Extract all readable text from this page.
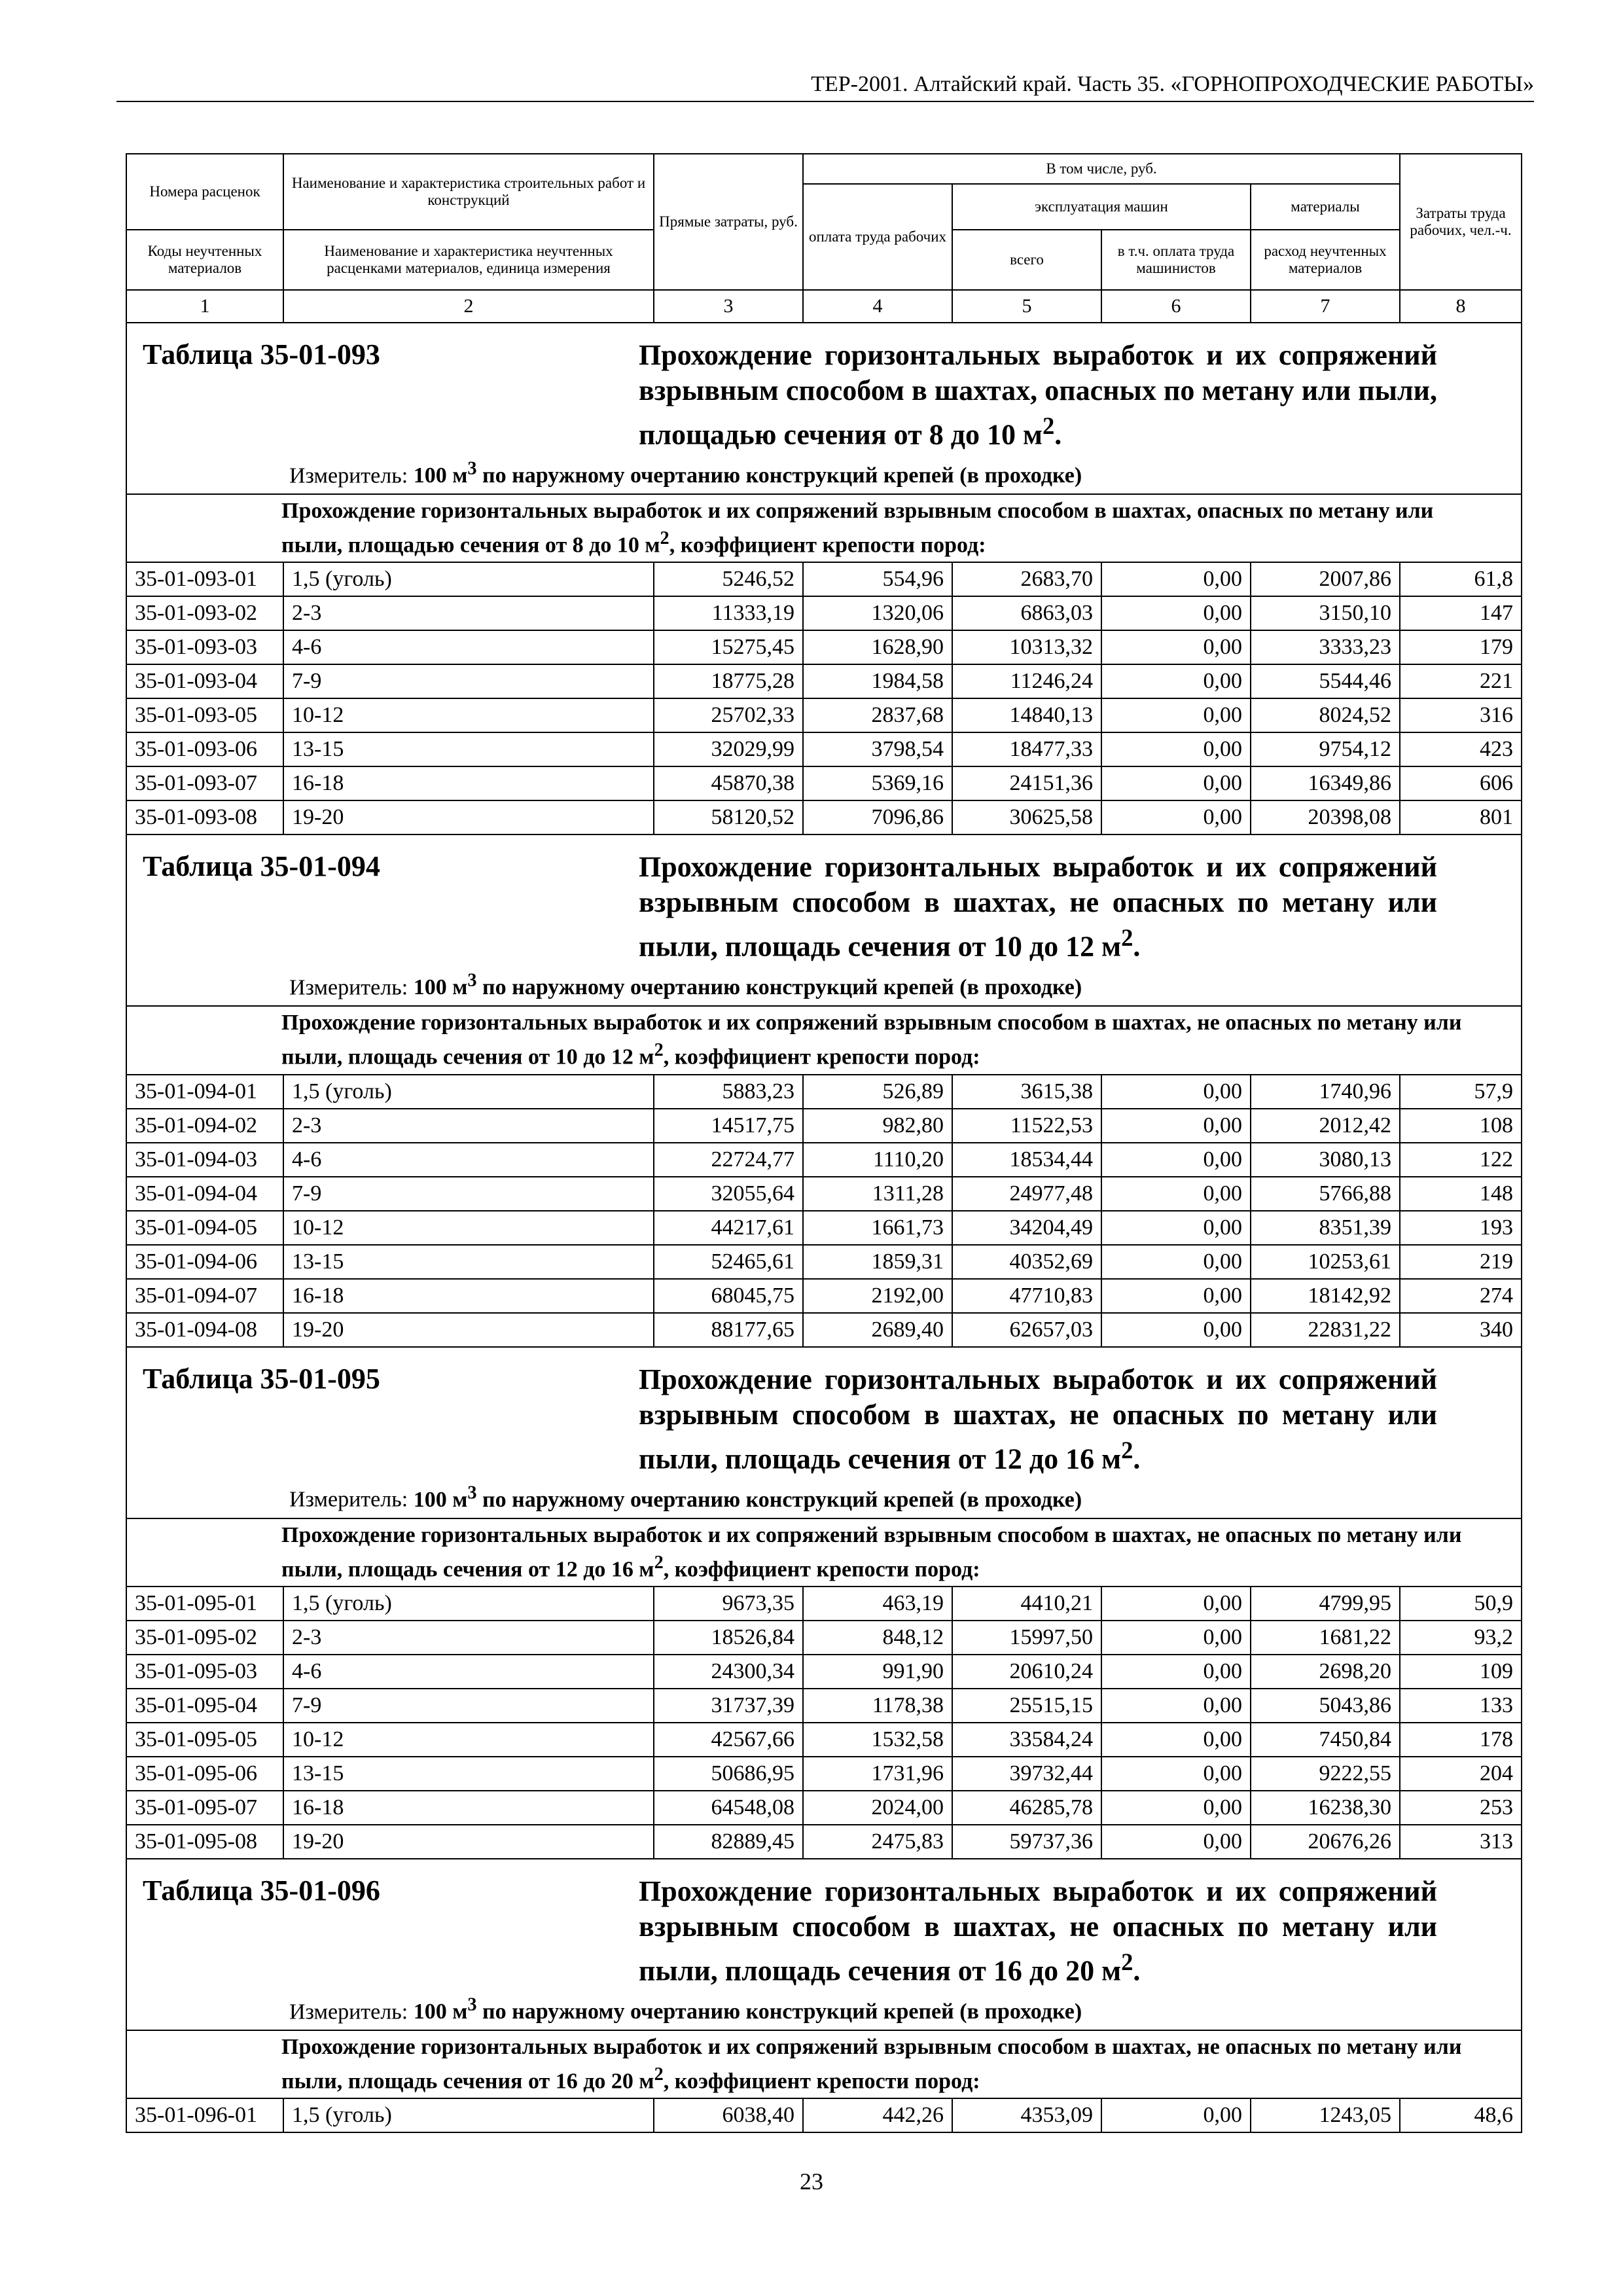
ТЕР-2001. Алтайский край. Часть 35. «ГОРНОПРОХОДЧЕСКИЕ РАБОТЫ»
Номера расценок	Наименование и характеристика строительных работ и конструкций	Прямые затраты, руб.	В том числе, руб.				Затраты труда рабочих, чел.-ч.
			оплата труда рабочих	эксплуатация машин		материалы	
Коды неучтенных материалов	Наименование и характеристика неучтенных расценками материалов, единица измерения			всего	в т.ч. оплата труда машинистов	расход неучтенных материалов	
1	2	3	4	5	6	7	8

Таблица 35-01-093 Прохождение горизонтальных выработок и их сопряжений взрывным способом в шахтах, опасных по метану или пыли, площадью сечения от 8 до 10 $м^2$.
Измеритель: 100 $м^3$ по наружному очертанию конструкций крепей (в проходке)							

Прохождение горизонтальных выработок и их сопряжений взрывным способом в шахтах, опасных по метану или пыли, площадью сечения от 8 до 10 $м^2$, коэффициент крепости пород:							

35-01-093-01	1,5 (уголь)	5246,52	554,96	2683,70	0,00	2007,86	61,8
35-01-093-02	2-3	11333,19	1320,06	6863,03	0,00	3150,10	147
35-01-093-03	4-6	15275,45	1628,90	10313,32	0,00	3333,23	179
35-01-093-04	7-9	18775,28	1984,58	11246,24	0,00	5544,46	221
35-01-093-05	10-12	25702,33	2837,68	14840,13	0,00	8024,52	316
35-01-093-06	13-15	32029,99	3798,54	18477,33	0,00	9754,12	423
35-01-093-07	16-18	45870,38	5369,16	24151,36	0,00	16349,86	606
35-01-093-08	19-20	58120,52	7096,86	30625,58	0,00	20398,08	801

Таблица 35-01-094 Прохождение горизонтальных выработок и их сопряжений взрывным способом в шахтах, не опасных по метану или пыли, площадь сечения от 10 до 12 $м^2$.
Измеритель: 100 $м^3$ по наружному очертанию конструкций крепей (в проходке)							

Прохождение горизонтальных выработок и их сопряжений взрывным способом в шахтах, не опасных по метану или пыли, площадь сечения от 10 до 12 $м^2$, коэффициент крепости пород:							

35-01-094-01	1,5 (уголь)	5883,23	526,89	3615,38	0,00	1740,96	57,9
35-01-094-02	2-3	14517,75	982,80	11522,53	0,00	2012,42	108
35-01-094-03	4-6	22724,77	1110,20	18534,44	0,00	3080,13	122
35-01-094-04	7-9	32055,64	1311,28	24977,48	0,00	5766,88	148
35-01-094-05	10-12	44217,61	1661,73	34204,49	0,00	8351,39	193
35-01-094-06	13-15	52465,61	1859,31	40352,69	0,00	10253,61	219
35-01-094-07	16-18	68045,75	2192,00	47710,83	0,00	18142,92	274
35-01-094-08	19-20	88177,65	2689,40	62657,03	0,00	22831,22	340

Таблица 35-01-095 Прохождение горизонтальных выработок и их сопряжений взрывным способом в шахтах, не опасных по метану или пыли, площадь сечения от 12 до 16 $м^2$.
Измеритель: 100 $м^3$ по наружному очертанию конструкций крепей (в проходке)							

Прохождение горизонтальных выработок и их сопряжений взрывным способом в шахтах, не опасных по метану или пыли, площадь сечения от 12 до 16 $м^2$, коэффициент крепости пород:							

35-01-095-01	1,5 (уголь)	9673,35	463,19	4410,21	0,00	4799,95	50,9
35-01-095-02	2-3	18526,84	848,12	15997,50	0,00	1681,22	93,2
35-01-095-03	4-6	24300,34	991,90	20610,24	0,00	2698,20	109
35-01-095-04	7-9	31737,39	1178,38	25515,15	0,00	5043,86	133
35-01-095-05	10-12	42567,66	1532,58	33584,24	0,00	7450,84	178
35-01-095-06	13-15	50686,95	1731,96	39732,44	0,00	9222,55	204
35-01-095-07	16-18	64548,08	2024,00	46285,78	0,00	16238,30	253
35-01-095-08	19-20	82889,45	2475,83	59737,36	0,00	20676,26	313

Таблица 35-01-096 Прохождение горизонтальных выработок и их сопряжений взрывным способом в шахтах, не опасных по метану или пыли, площадь сечения от 16 до 20 $м^2$.
Измеритель: 100 $м^3$ по наружному очертанию конструкций крепей (в проходке)							

Прохождение горизонтальных выработок и их сопряжений взрывным способом в шахтах, не опасных по метану или пыли, площадь сечения от 16 до 20 $м^2$, коэффициент крепости пород:							

35-01-096-01	1,5 (уголь)	6038,40	442,26	4353,09	0,00	1243,05	48,6
23
